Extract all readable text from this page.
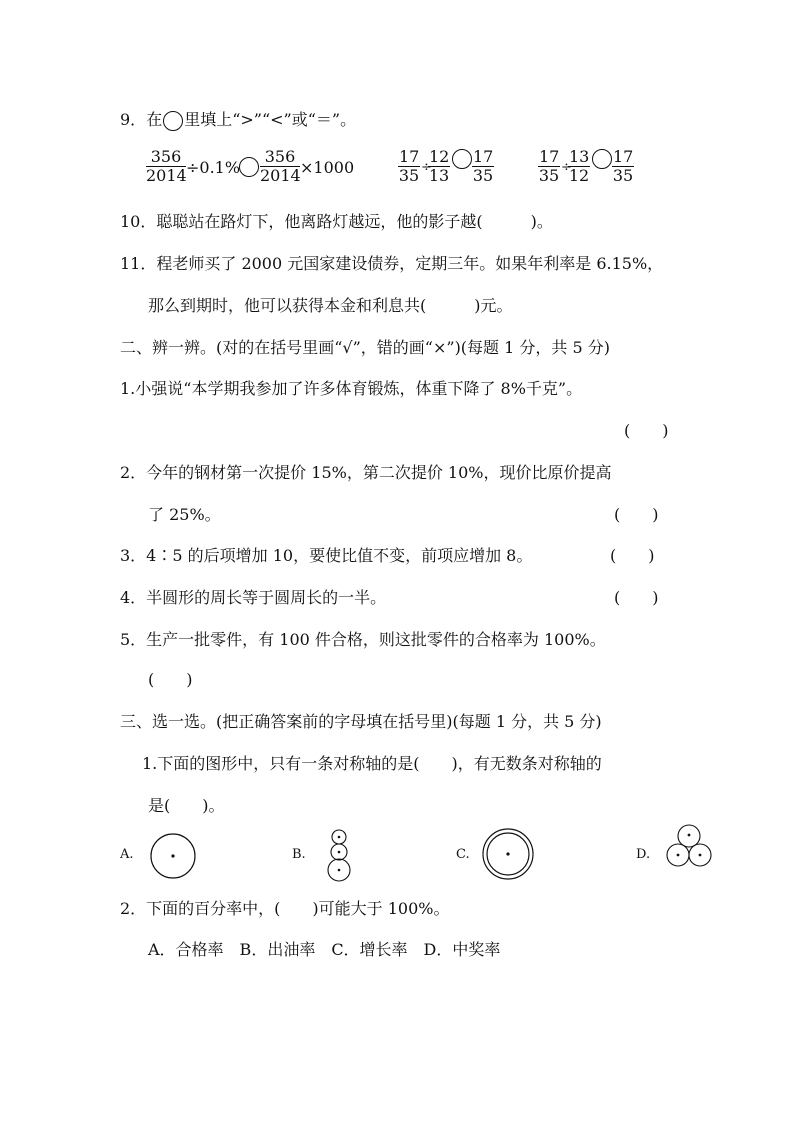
9．在 里填上“>”“<”或“＝”。
$\frac{356}{2014} \div 0.1\% \frac{356}{2014} \times 1000$	$\frac{17}{35}$ ÷
$\frac{12}{13} \frac{17}{35}$	$\frac{17}{35}$ ÷
$\frac{13}{12} \frac{17}{35}$
10．聪聪站在路灯下，他离路灯越远，他的影子越(　　　)。
11．程老师买了 2000 元国家建设债券，定期三年。如果年利率是 6.15%，
那么到期时，他可以获得本金和利息共(　　　)元。
二、辨一辨。(对的在括号里画“√”，错的画“×”)(每题 1 分，共 5 分)
1.小强说“本学期我参加了许多体育锻炼，体重下降了 8%千克”。
(　　)
2．今年的钢材第一次提价 15%，第二次提价 10%，现价比原价提高
了 25%。	(　　)
3．4∶5 的后项增加 10，要使比值不变，前项应增加 8。	(　　)
4．半圆形的周长等于圆周长的一半。	(　　)
5．生产一批零件，有 100 件合格，则这批零件的合格率为 100%。
(　　)
三、选一选。(把正确答案前的字母填在括号里)(每题 1 分，共 5 分)
1.下面的图形中，只有一条对称轴的是(　　)，有无数条对称轴的
是(　　)。
A.	B.	C.	D.
2．下面的百分率中，(　　)可能大于 100%。
A．合格率　B．出油率　C．增长率　D．中奖率
